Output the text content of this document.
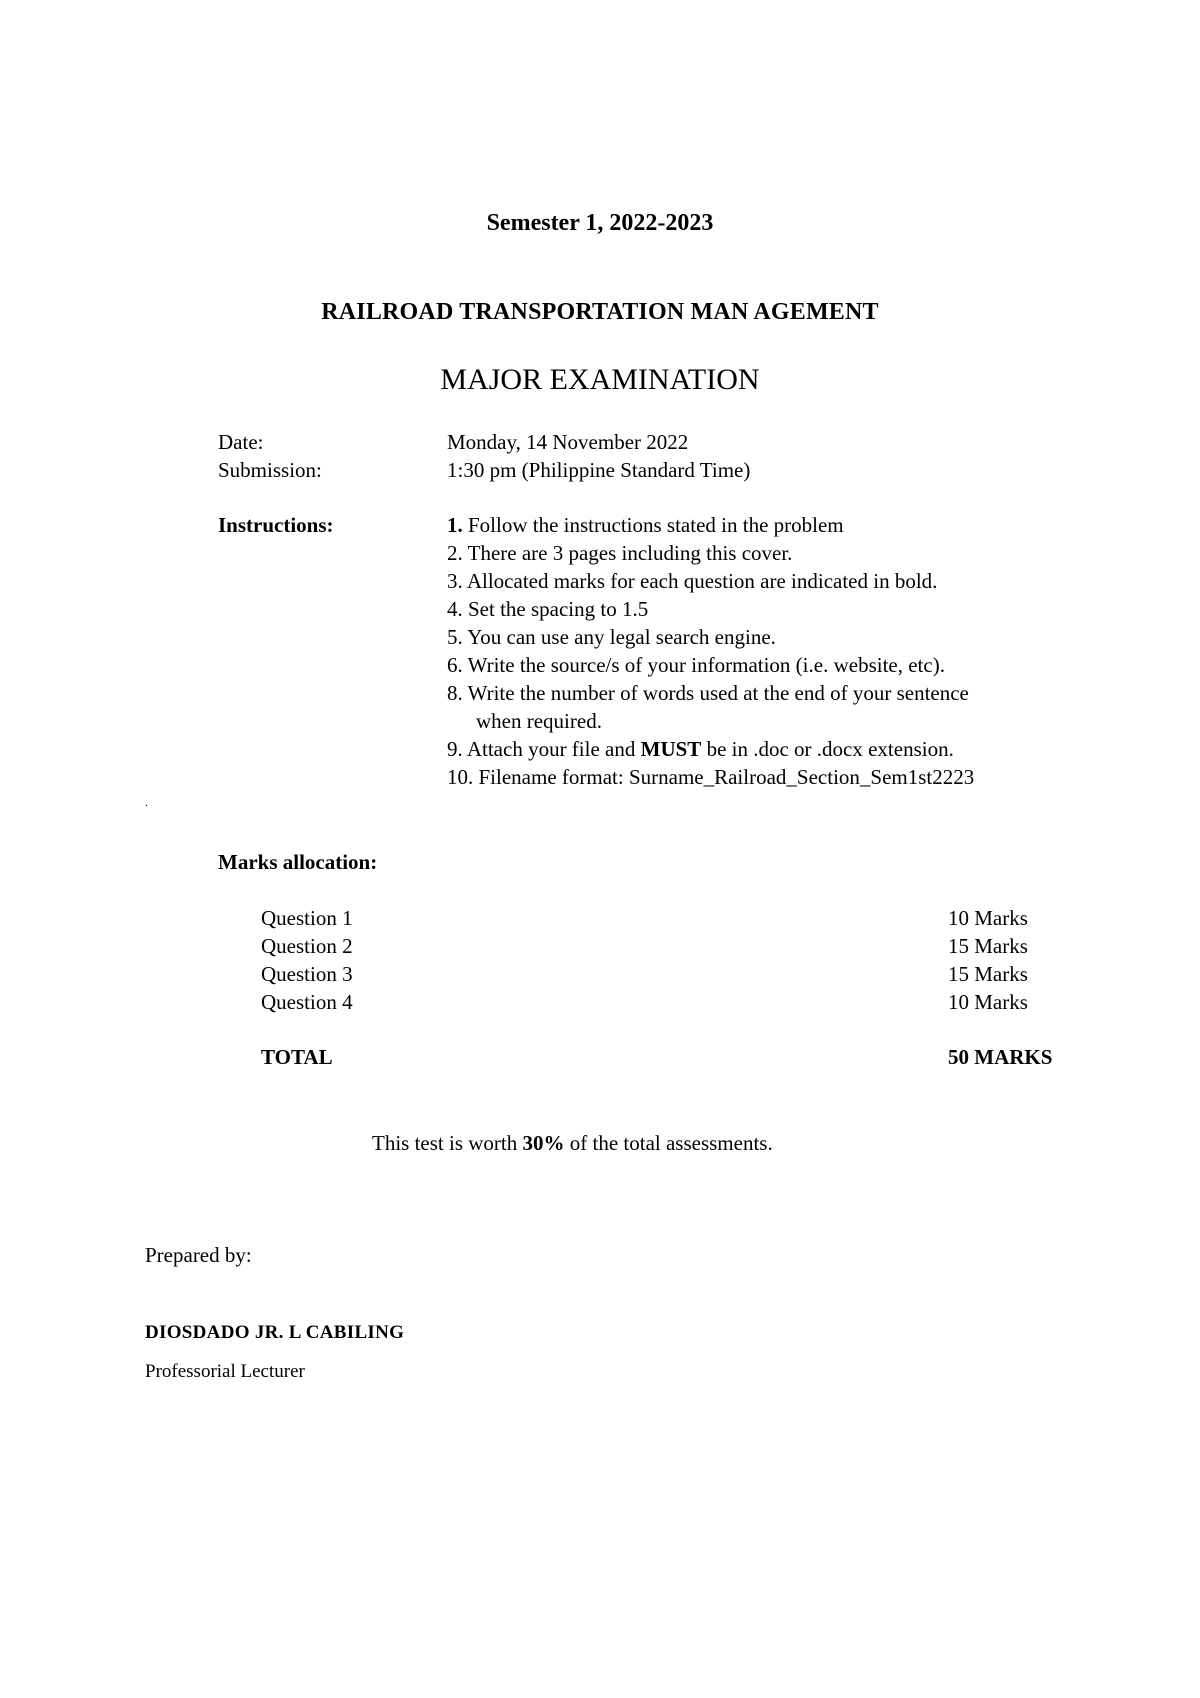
Semester 1, 2022-2023
RAILROAD TRANSPORTATION MAN AGEMENT
MAJOR EXAMINATION
Date:	Monday, 14 November 2022
Submission:	1:30 pm (Philippine Standard Time)
Instructions:	1. Follow the instructions stated in the problem
2. There are 3 pages including this cover.
3. Allocated marks for each question are indicated in bold.
4. Set the spacing to 1.5
5. You can use any legal search engine.
6. Write the source/s of your information (i.e. website, etc).
8. Write the number of words used at the end of your sentence
when required.
9. Attach your file and MUST be in .doc or .docx extension.
10. Filename format: Surname_Railroad_Section_Sem1st2223
.
Marks allocation:
Question 1	10 Marks
Question 2	15 Marks
Question 3	15 Marks
Question 4	10 Marks
TOTAL	50 MARKS
This test is worth 30% of the total assessments.
Prepared by:
DIOSDADO JR. L CABILING
Professorial Lecturer
